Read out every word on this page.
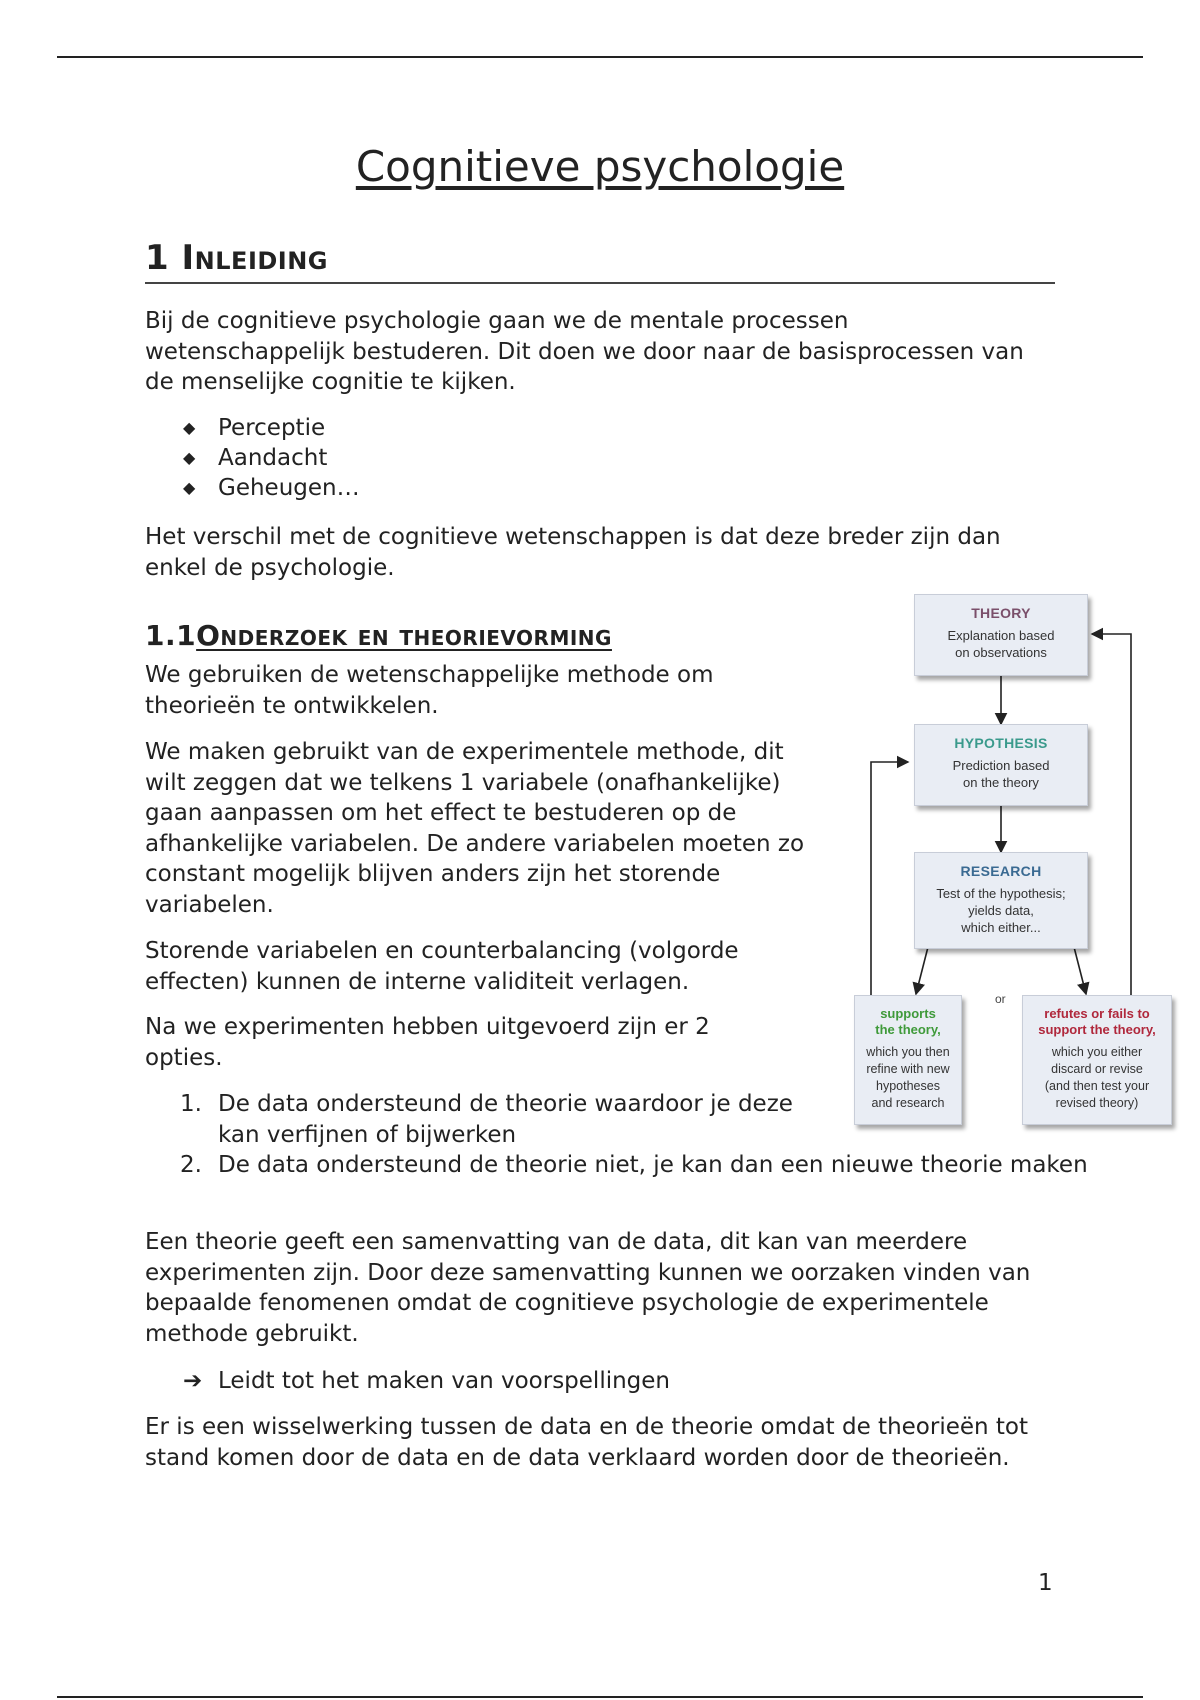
Cognitieve psychologie
1 Inleiding

Bij de cognitieve psychologie gaan we de mentale processen wetenschappelijk bestuderen. Dit doen we door naar de basisprocessen van de menselijke cognitie te kijken.

◆ Perceptie
◆ Aandacht
◆ Geheugen…

Het verschil met de cognitieve wetenschappen is dat deze breder zijn dan enkel de psychologie.

1.1Onderzoek en theorievorming

We gebruiken de wetenschappelijke methode om theorieën te ontwikkelen.

We maken gebruikt van de experimentele methode, dit wilt zeggen dat we telkens 1 variabele (onafhankelijke) gaan aanpassen om het effect te bestuderen op de afhankelijke variabelen. De andere variabelen moeten zo constant mogelijk blijven anders zijn het storende variabelen.

Storende variabelen en counterbalancing (volgorde effecten) kunnen de interne validiteit verlagen.

Na we experimenten hebben uitgevoerd zijn er 2 opties.

1. De data ondersteund de theorie waardoor je deze kan verfijnen of bijwerken
2. De data ondersteund de theorie niet, je kan dan een nieuwe theorie maken

Een theorie geeft een samenvatting van de data, dit kan van meerdere experimenten zijn. Door deze samenvatting kunnen we oorzaken vinden van bepaalde fenomenen omdat de cognitieve psychologie de experimentele methode gebruikt.

➔ Leidt tot het maken van voorspellingen

Er is een wisselwerking tussen de data en de theorie omdat de theorieën tot stand komen door de data en de data verklaard worden door de theorieën.

1
THEORY
Explanation based
on observations
HYPOTHESIS
Prediction based
on the theory
RESEARCH
Test of the hypothesis;
yields data,
which either...
or
supports
the theory,
which you then
refine with new
hypotheses
and research
refutes or fails to
support the theory,
which you either
discard or revise
(and then test your
revised theory)
